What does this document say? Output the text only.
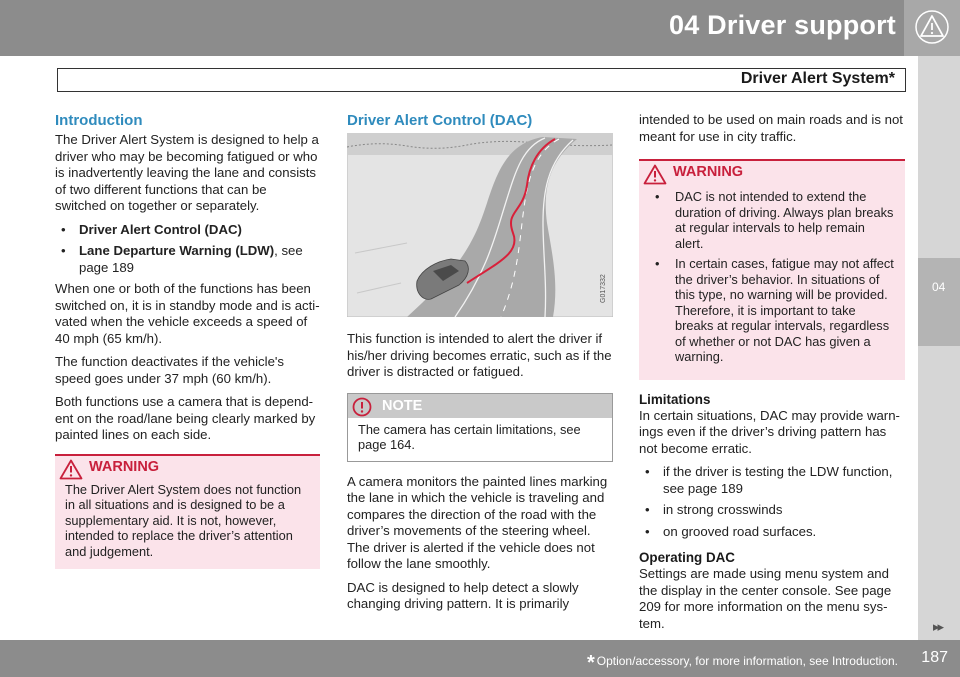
04 Driver support
Driver Alert System*
04
Introduction

The Driver Alert System is designed to help a driver who may be becoming fatigued or who is inadvertently leaving the lane and consists of two different functions that can be switched on together or separately.

• Driver Alert Control (DAC)
• Lane Departure Warning (LDW), see page 189

When one or both of the functions has been switched on, it is in standby mode and is acti-vated when the vehicle exceeds a speed of 40 mph (65 km/h).

The function deactivates if the vehicle's speed goes under 37 mph (60 km/h).

Both functions use a camera that is depend-ent on the road/lane being clearly marked by painted lines on each side.

WARNING
The Driver Alert System does not function in all situations and is designed to be a supplementary aid. It is not, however, intended to replace the driver’s attention and judgement.
Driver Alert Control (DAC)
G017332

This function is intended to alert the driver if his/her driving becomes erratic, such as if the driver is distracted or fatigued.

NOTE
The camera has certain limitations, see page 164.

A camera monitors the painted lines marking the lane in which the vehicle is traveling and compares the direction of the road with the driver’s movements of the steering wheel. The driver is alerted if the vehicle does not follow the lane smoothly.

DAC is designed to help detect a slowly changing driving pattern. It is primarily

intended to be used on main roads and is not meant for use in city traffic.

WARNING
• DAC is not intended to extend the duration of driving. Always plan breaks at regular intervals to help remain alert.
• In certain cases, fatigue may not affect the driver’s behavior. In situations of this type, no warning will be provided. Therefore, it is important to take breaks at regular intervals, regardless of whether or not DAC has given a warning.
Limitations

In certain situations, DAC may provide warn-ings even if the driver’s driving pattern has not become erratic.

• if the driver is testing the LDW function, see page 189
• in strong crosswinds
• on grooved road surfaces.
Operating DAC

Settings are made using menu system and the display in the center console. See page 209 for more information on the menu sys-tem.	▸▸
* Option/accessory, for more information, see Introduction. 187
